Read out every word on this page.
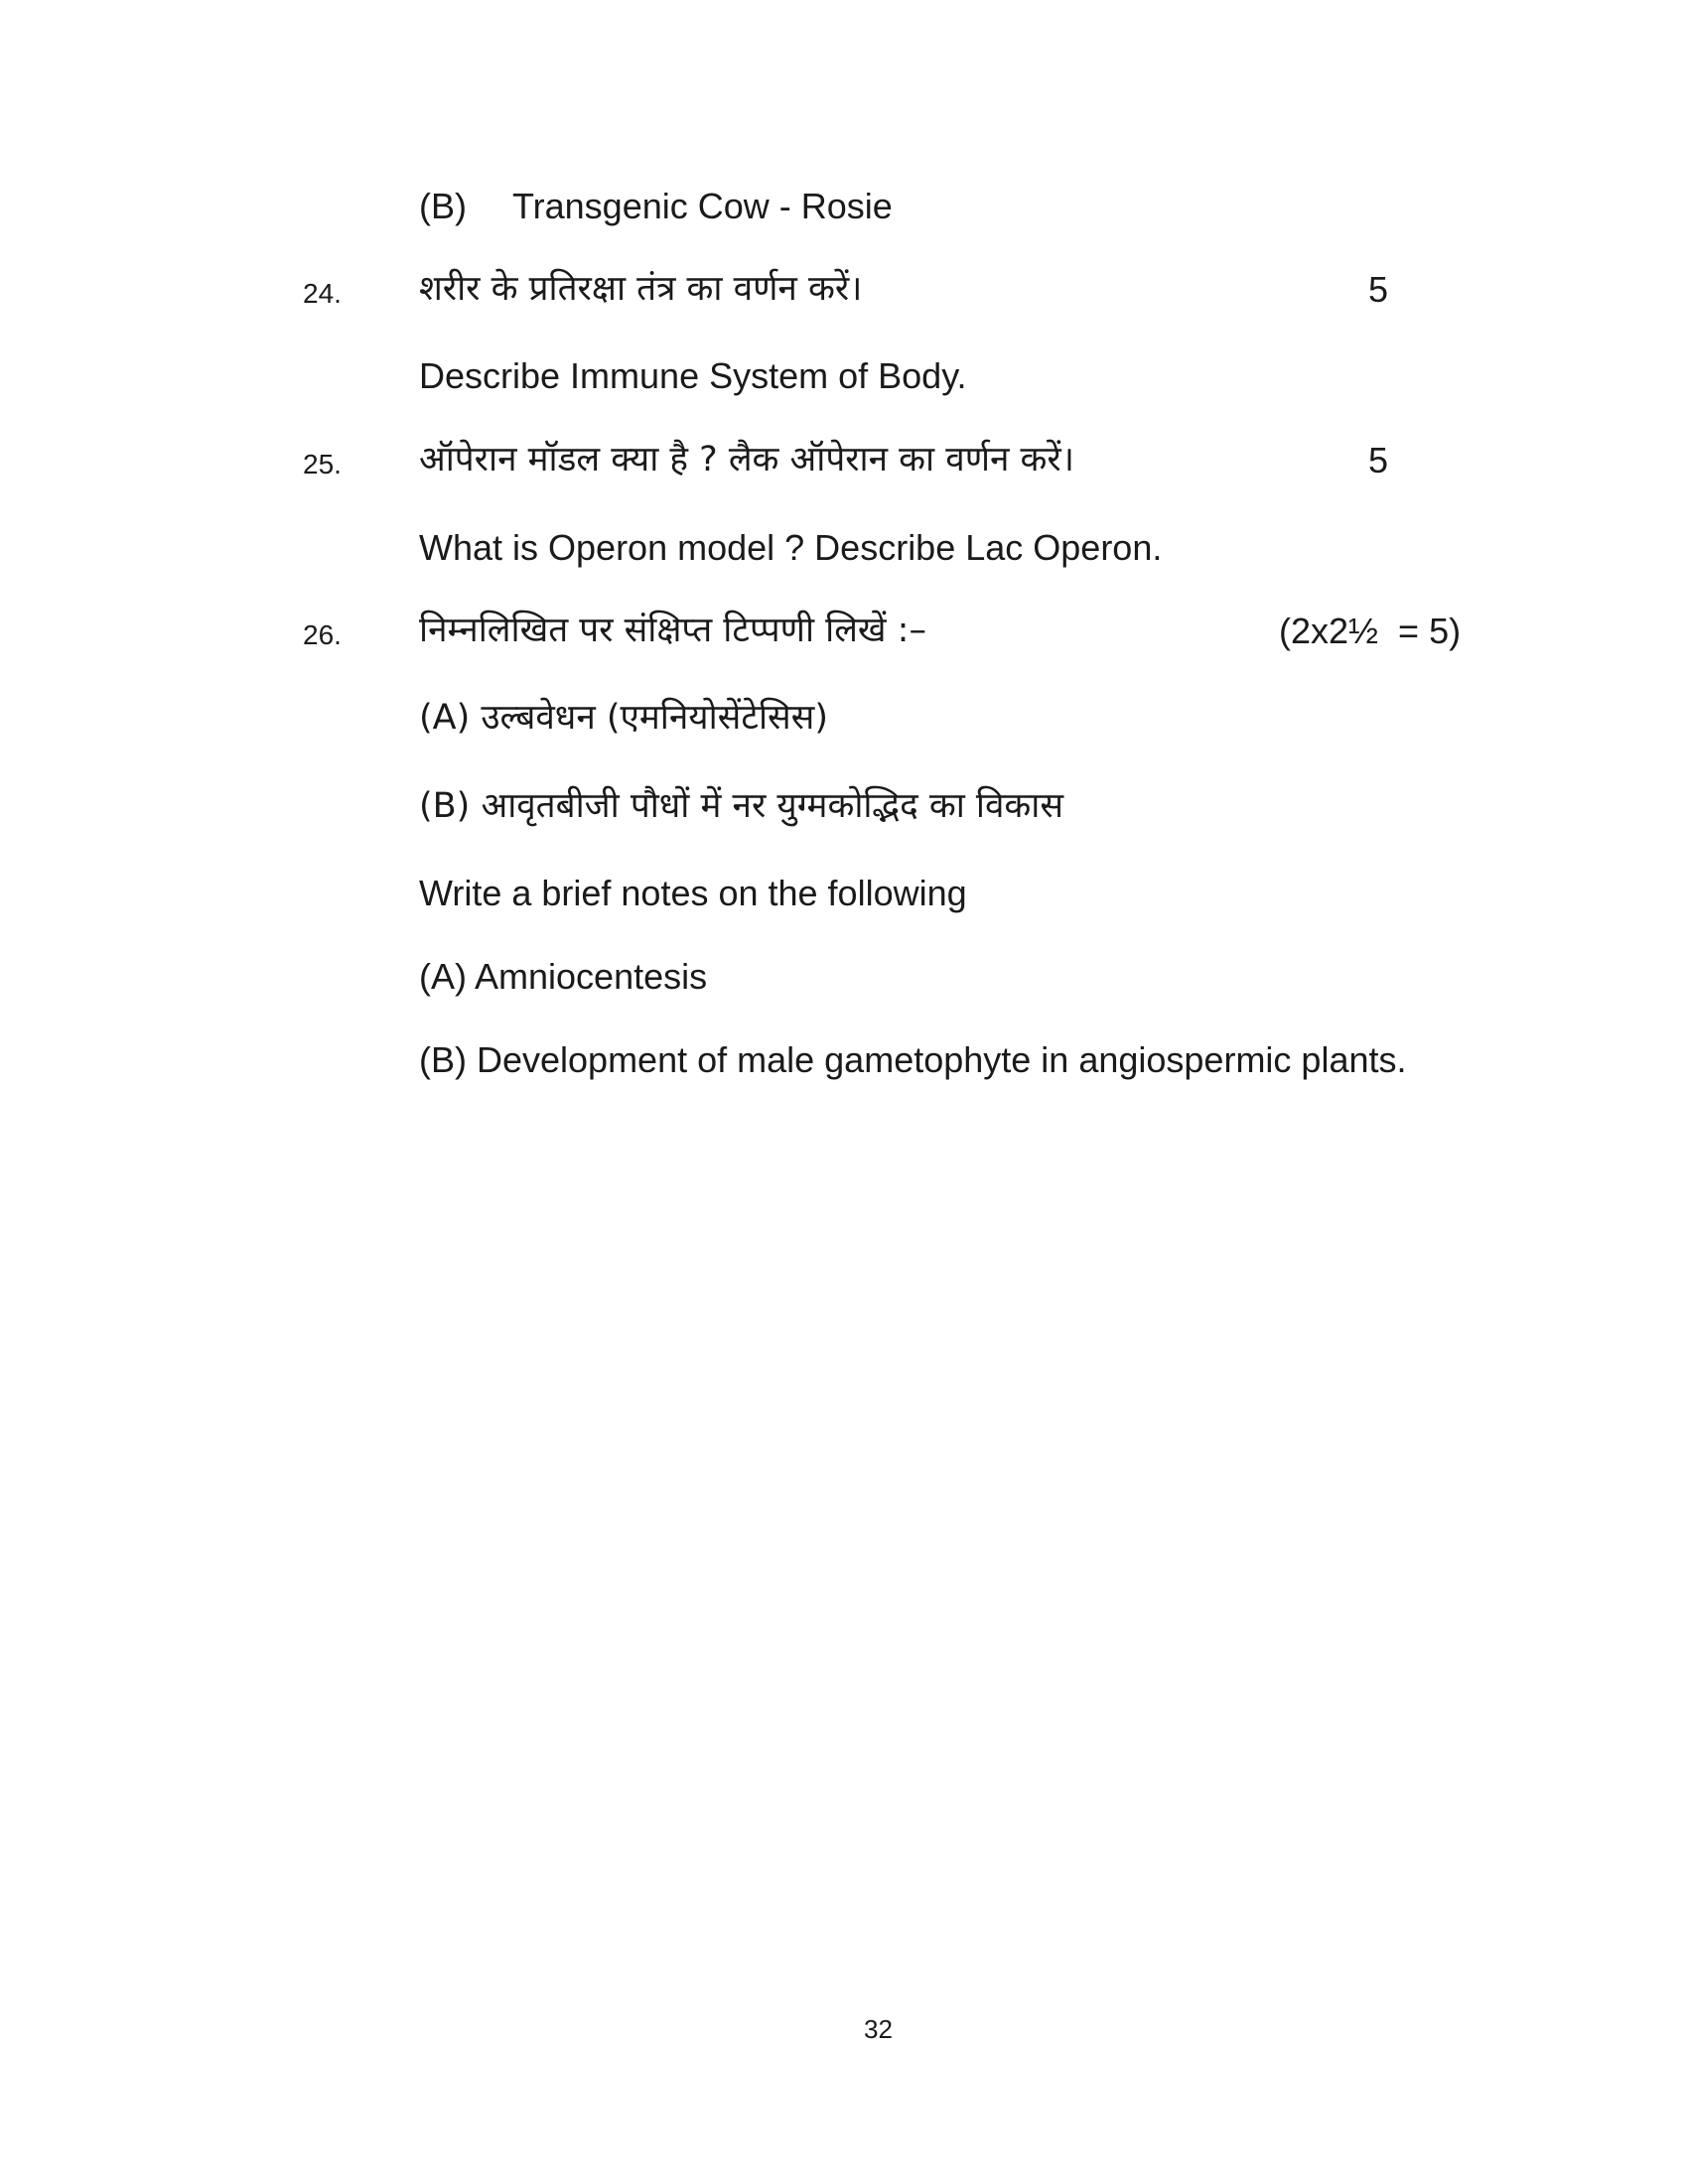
(B) Transgenic Cow - Rosie
24. शरीर के प्रतिरक्षा तंत्र का वर्णन करें।	5
Describe Immune System of Body.
25. ऑपेरान मॉडल क्या है ? लैक ऑपेरान का वर्णन करें।	5
What is Operon model ? Describe Lac Operon.
26. निम्नलिखित पर संक्षिप्त टिप्पणी लिखें :–	(2x2½  = 5)
(A) उल्बवेधन (एमनियोसेंटेसिस)
(B) आवृतबीजी पौधों में नर युग्मकोद्भिद का विकास
Write a brief notes on the following
(A) Amniocentesis
(B) Development of male gametophyte in angiospermic plants.
32
